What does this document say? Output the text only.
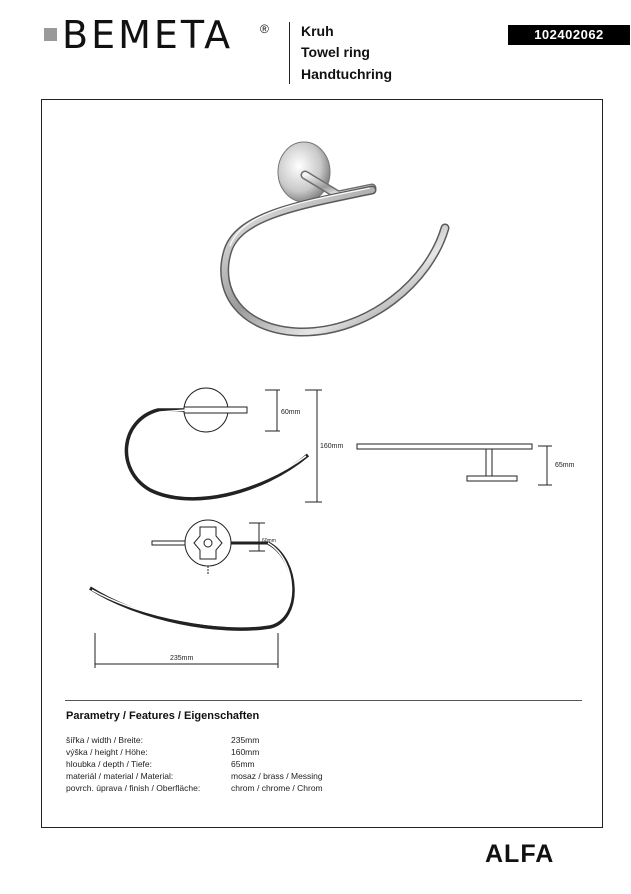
BEMETA ® Kruh
Towel ring
Handtuchring
102402062
60mm
160mm
65mm
60mm
235mm
Parametry / Features / Eigenschaften
šířka / width / Breite:	235mm
výška / height / Höhe:	160mm
hloubka / depth / Tiefe:	65mm
materiál / material / Material:	mosaz / brass / Messing
povrch. úprava / finish / Oberfläche:	chrom / chrome / Chrom
ALFA
